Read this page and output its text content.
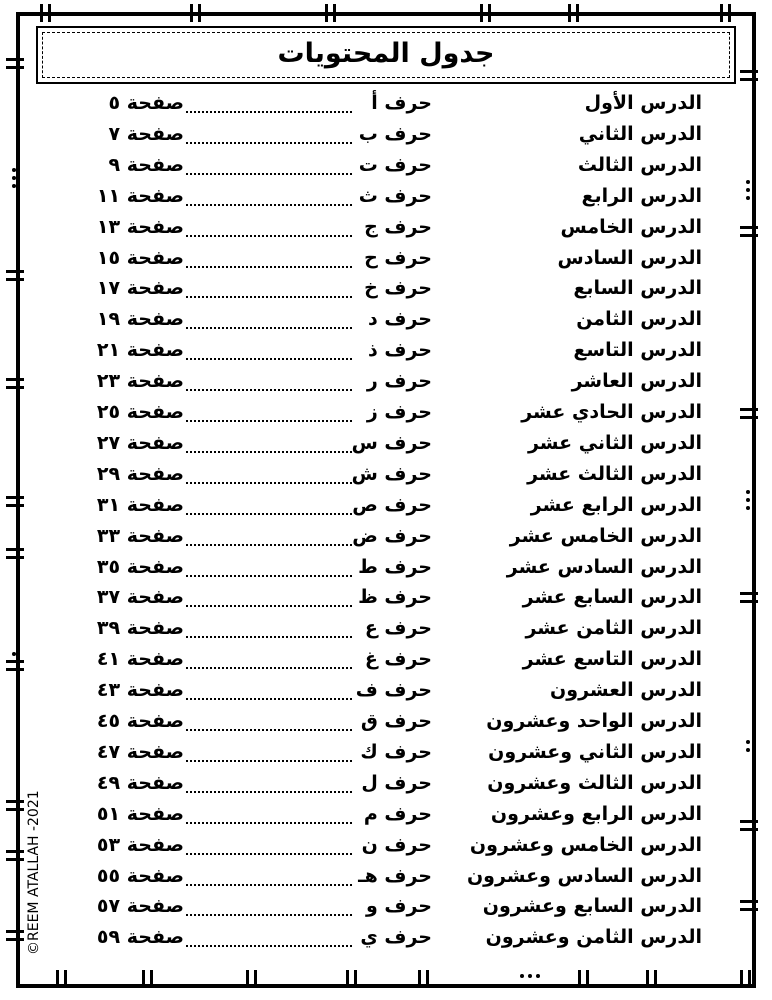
جدول المحتويات
الدرس الأول
حرف أ
صفحة ٥
الدرس الثاني
حرف ب
صفحة ٧
الدرس الثالث
حرف ت
صفحة ٩
الدرس الرابع
حرف ث
صفحة ١١
الدرس الخامس
حرف ج
صفحة ١٣
الدرس السادس
حرف ح
صفحة ١٥
الدرس السابع
حرف خ
صفحة ١٧
الدرس الثامن
حرف د
صفحة ١٩
الدرس التاسع
حرف ذ
صفحة ٢١
الدرس العاشر
حرف ر
صفحة ٢٣
الدرس الحادي عشر
حرف ز
صفحة ٢٥
الدرس الثاني عشر
حرف س
صفحة ٢٧
الدرس الثالث عشر
حرف ش
صفحة ٢٩
الدرس الرابع عشر
حرف ص
صفحة ٣١
الدرس الخامس عشر
حرف ض
صفحة ٣٣
الدرس السادس عشر
حرف ط
صفحة ٣٥
الدرس السابع عشر
حرف ظ
صفحة ٣٧
الدرس الثامن عشر
حرف ع
صفحة ٣٩
الدرس التاسع عشر
حرف غ
صفحة ٤١
الدرس العشرون
حرف ف
صفحة ٤٣
الدرس الواحد وعشرون
حرف ق
صفحة ٤٥
الدرس الثاني وعشرون
حرف ك
صفحة ٤٧
الدرس الثالث وعشرون
حرف ل
صفحة ٤٩
الدرس الرابع وعشرون
حرف م
صفحة ٥١
الدرس الخامس وعشرون
حرف ن
صفحة ٥٣
الدرس السادس وعشرون
حرف هـ
صفحة ٥٥
الدرس السابع وعشرون
حرف و
صفحة ٥٧
الدرس الثامن وعشرون
حرف ي
صفحة ٥٩
©REEM ATALLAH -2021
